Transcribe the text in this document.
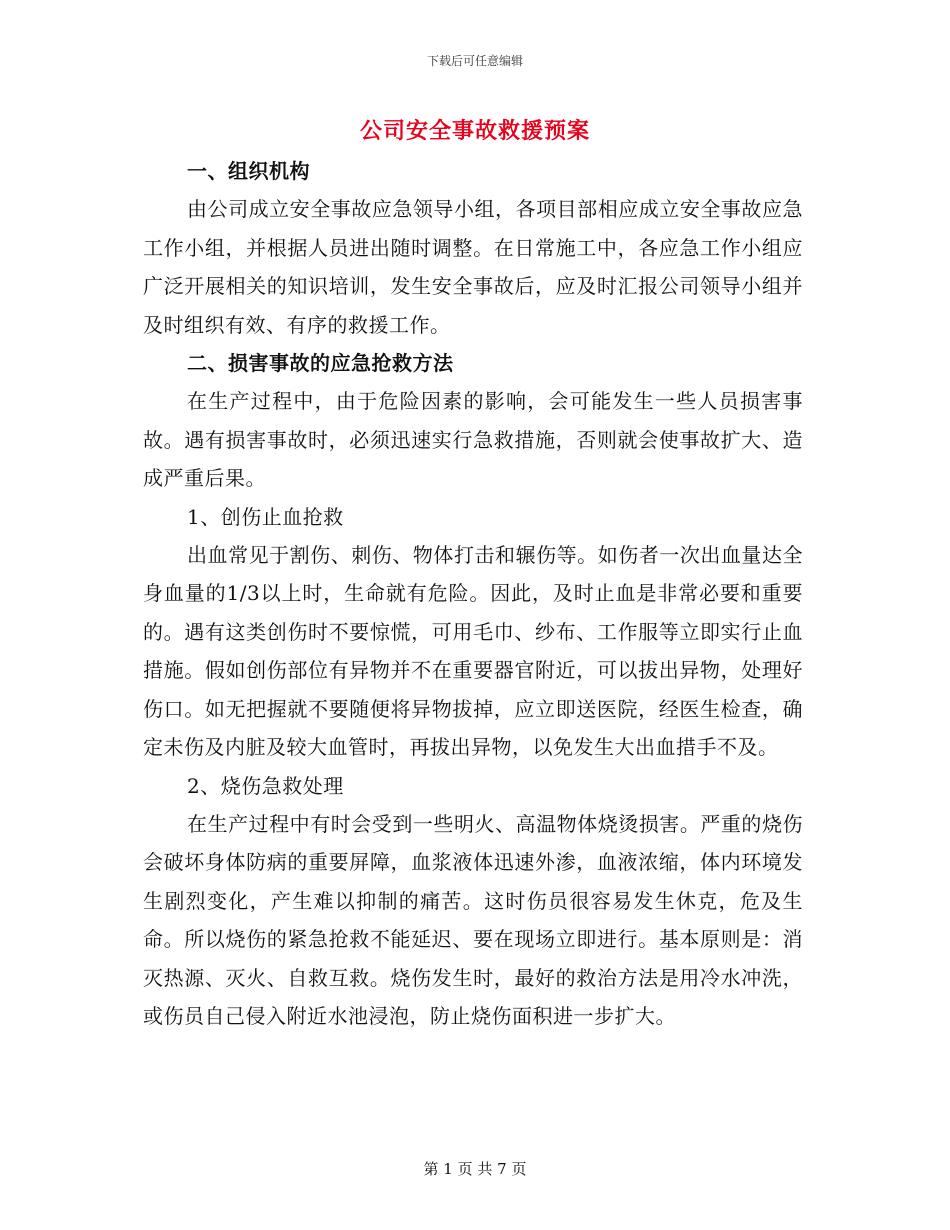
下载后可任意编辑
公司安全事故救援预案

一、组织机构

由公司成立安全事故应急领导小组，各项目部相应成立安全事故应急工作小组，并根据人员进出随时调整。在日常施工中，各应急工作小组应广泛开展相关的知识培训，发生安全事故后，应及时汇报公司领导小组并及时组织有效、有序的救援工作。

二、损害事故的应急抢救方法

在生产过程中，由于危险因素的影响，会可能发生一些人员损害事故。遇有损害事故时，必须迅速实行急救措施，否则就会使事故扩大、造成严重后果。

1、创伤止血抢救

出血常见于割伤、刺伤、物体打击和辗伤等。如伤者一次出血量达全身血量的1/3以上时，生命就有危险。因此，及时止血是非常必要和重要的。遇有这类创伤时不要惊慌，可用毛巾、纱布、工作服等立即实行止血措施。假如创伤部位有异物并不在重要器官附近，可以拔出异物，处理好伤口。如无把握就不要随便将异物拔掉，应立即送医院，经医生检查，确定未伤及内脏及较大血管时，再拔出异物，以免发生大出血措手不及。

2、烧伤急救处理

在生产过程中有时会受到一些明火、高温物体烧烫损害。严重的烧伤会破坏身体防病的重要屏障，血浆液体迅速外渗，血液浓缩，体内环境发生剧烈变化，产生难以抑制的痛苦。这时伤员很容易发生休克，危及生命。所以烧伤的紧急抢救不能延迟、要在现场立即进行。基本原则是：消灭热源、灭火、自救互救。烧伤发生时，最好的救治方法是用冷水冲洗，或伤员自己侵入附近水池浸泡，防止烧伤面积进一步扩大。

第 1 页 共 7 页
